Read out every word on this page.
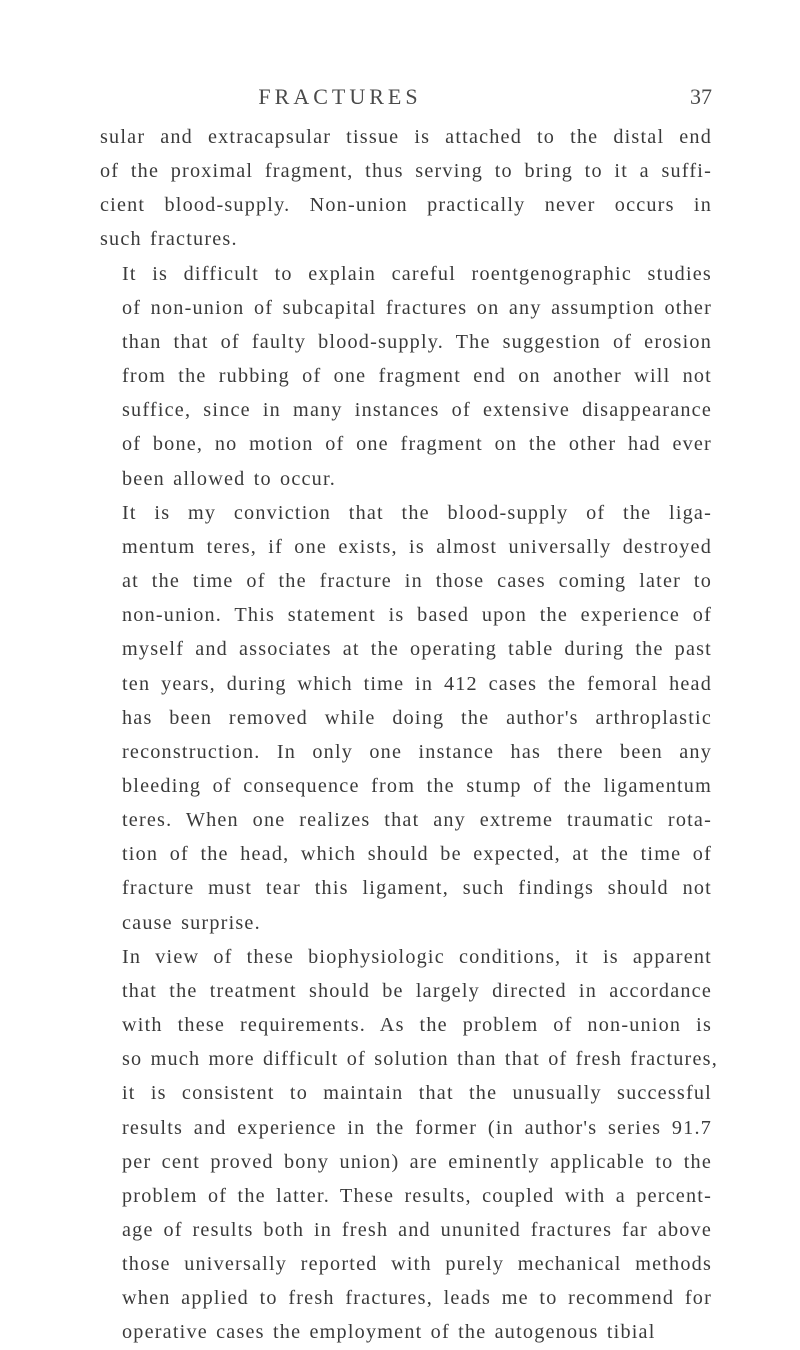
FRACTURES	37

sular and extracapsular tissue is attached to the distal end
of the proximal fragment, thus serving to bring to it a suffi-
cient blood-supply. Non-union practically never occurs in
such fractures.

It is difficult to explain careful roentgenographic studies
of non-union of subcapital fractures on any assumption other
than that of faulty blood-supply. The suggestion of erosion
from the rubbing of one fragment end on another will not
suffice, since in many instances of extensive disappearance
of bone, no motion of one fragment on the other had ever
been allowed to occur.

It is my conviction that the blood-supply of the liga-
mentum teres, if one exists, is almost universally destroyed
at the time of the fracture in those cases coming later to
non-union. This statement is based upon the experience of
myself and associates at the operating table during the past
ten years, during which time in 412 cases the femoral head
has been removed while doing the author's arthroplastic
reconstruction. In only one instance has there been any
bleeding of consequence from the stump of the ligamentum
teres. When one realizes that any extreme traumatic rota-
tion of the head, which should be expected, at the time of
fracture must tear this ligament, such findings should not
cause surprise.

In view of these biophysiologic conditions, it is apparent
that the treatment should be largely directed in accordance
with these requirements. As the problem of non-union is
so much more difficult of solution than that of fresh fractures,
it is consistent to maintain that the unusually successful
results and experience in the former (in author's series 91.7
per cent proved bony union) are eminently applicable to the
problem of the latter. These results, coupled with a percent-
age of results both in fresh and ununited fractures far above
those universally reported with purely mechanical methods
when applied to fresh fractures, leads me to recommend for
operative cases the employment of the autogenous tibial
